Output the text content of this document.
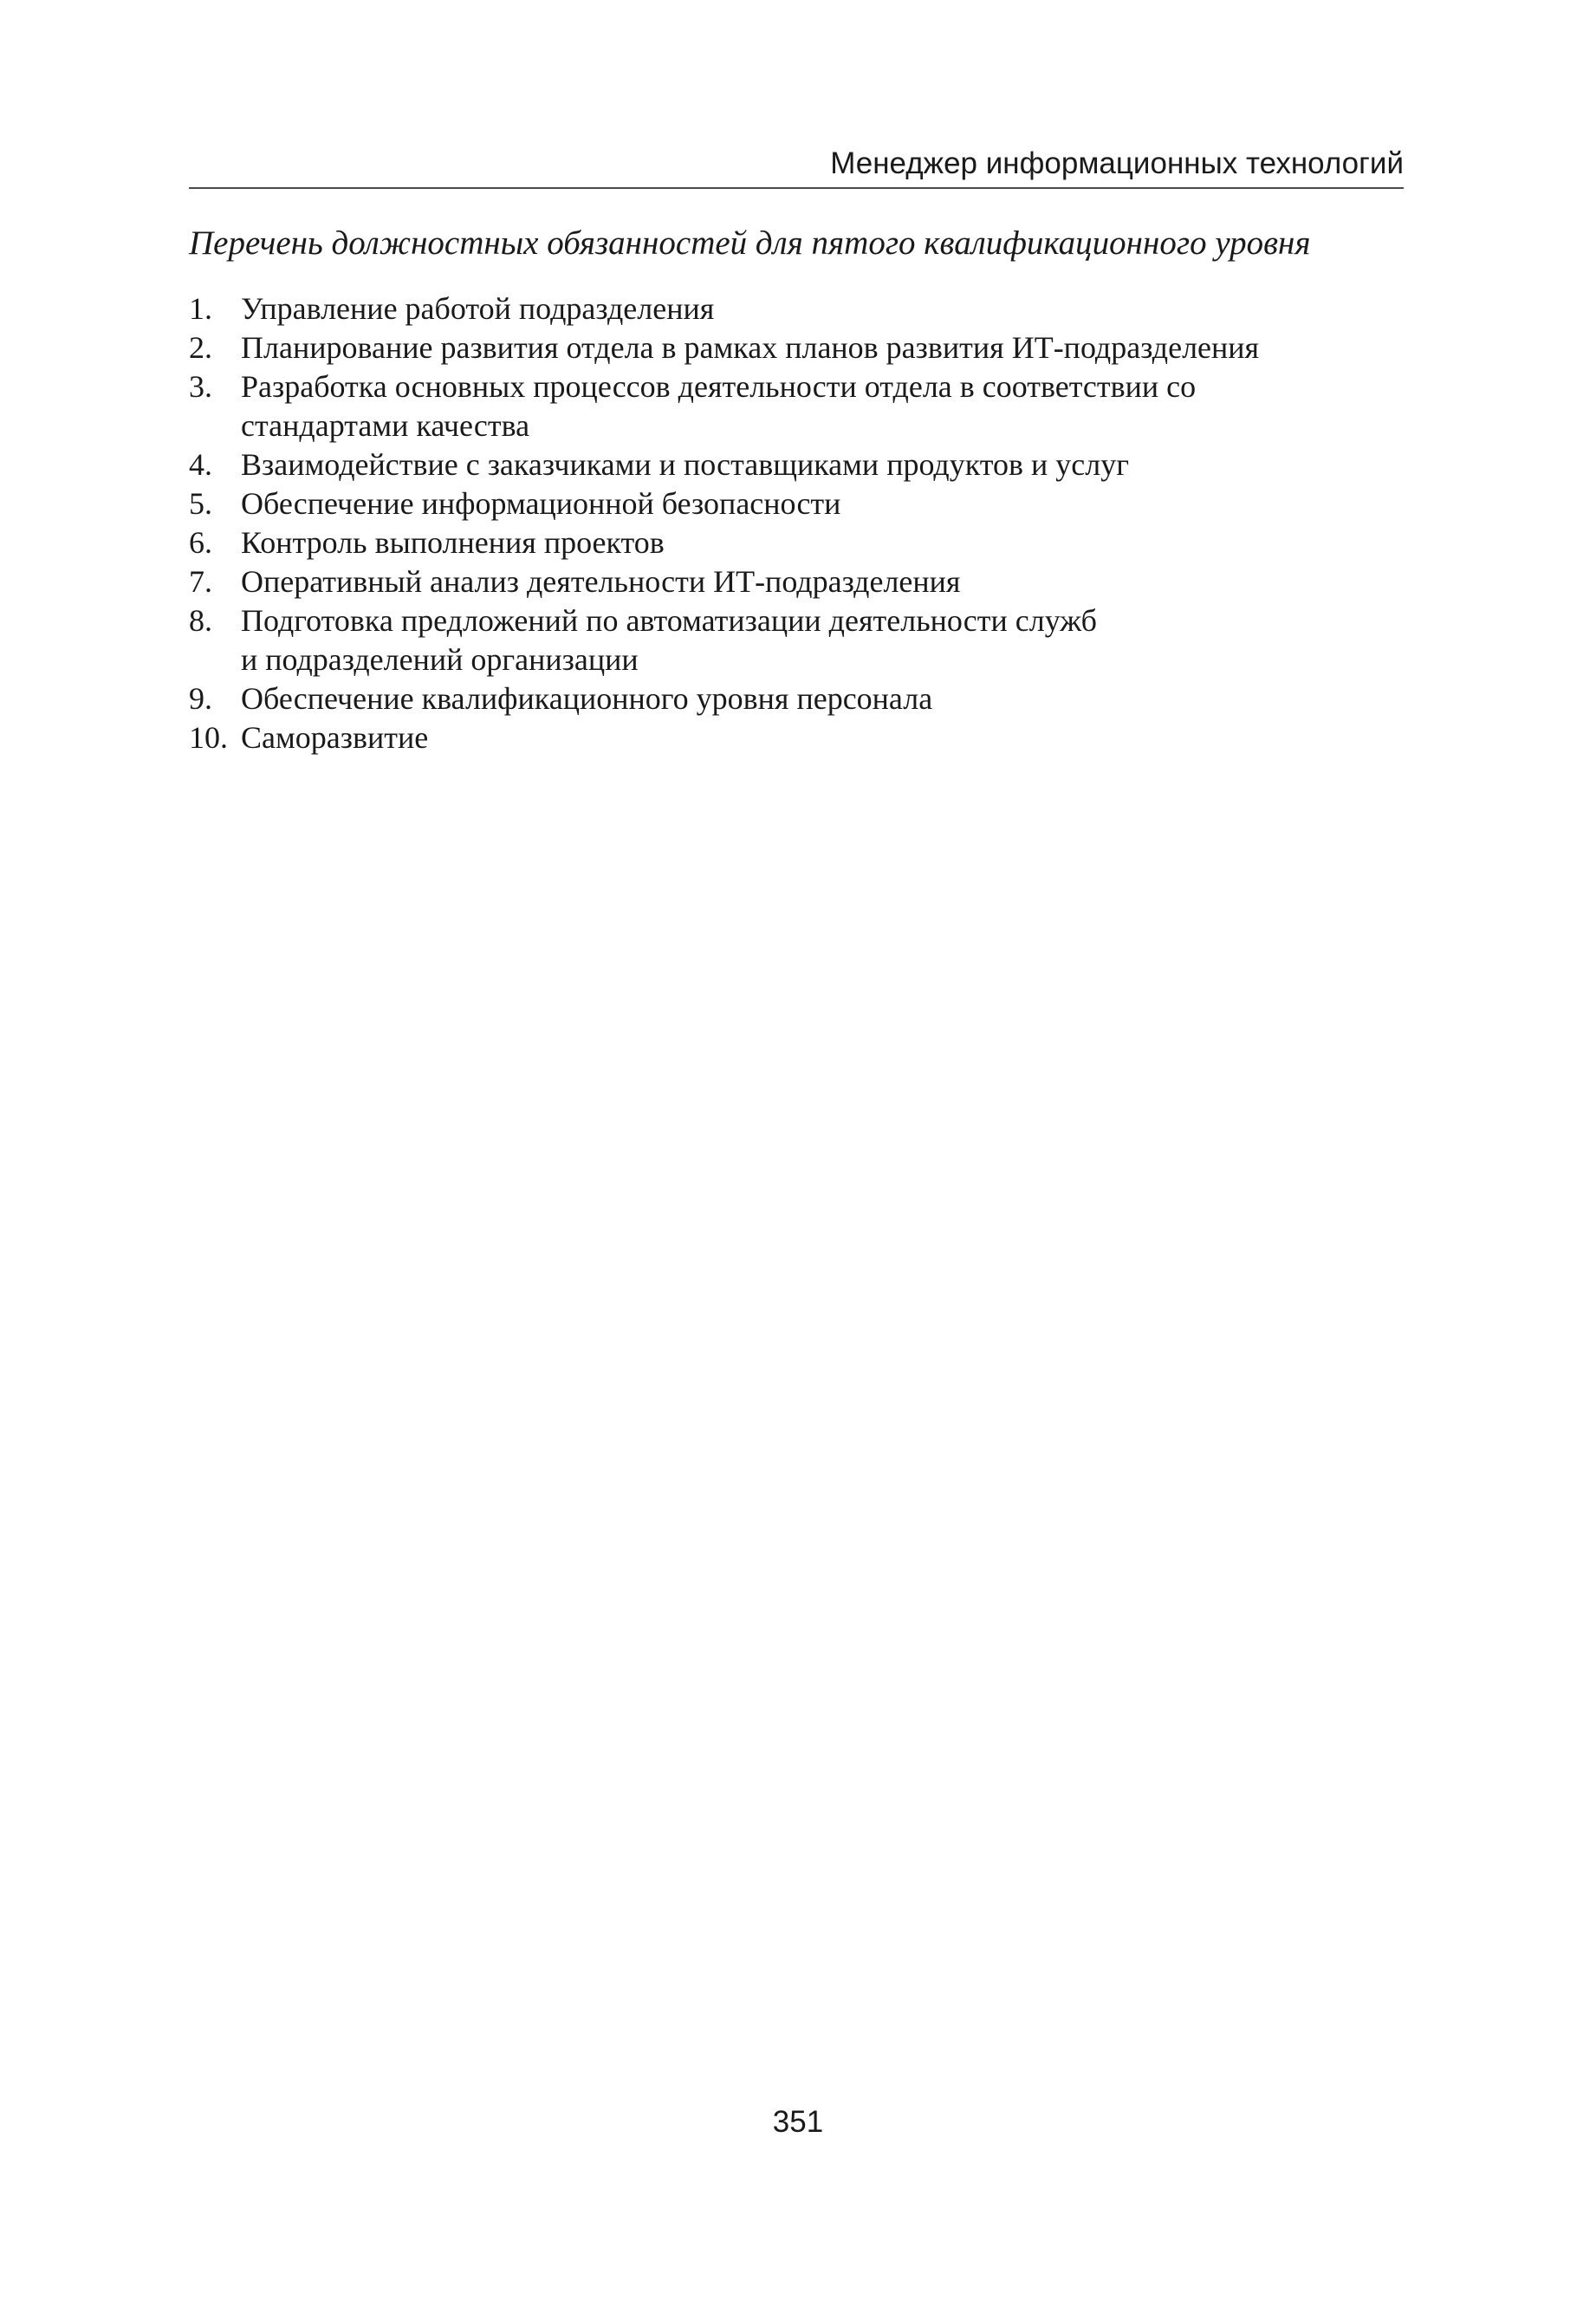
Менеджер информационных технологий
Перечень должностных обязанностей для пятого квалификационного уровня
1. Управление работой подразделения
2. Планирование развития отдела в рамках планов развития ИТ-подразделения
3. Разработка основных процессов деятельности отдела в соответствии со
стандартами качества
4. Взаимодействие с заказчиками и поставщиками продуктов и услуг
5. Обеспечение информационной безопасности
6. Контроль выполнения проектов
7. Оперативный анализ деятельности ИТ-подразделения
8. Подготовка предложений по автоматизации деятельности служб
и подразделений организации
9. Обеспечение квалификационного уровня персонала
10. Саморазвитие
351
